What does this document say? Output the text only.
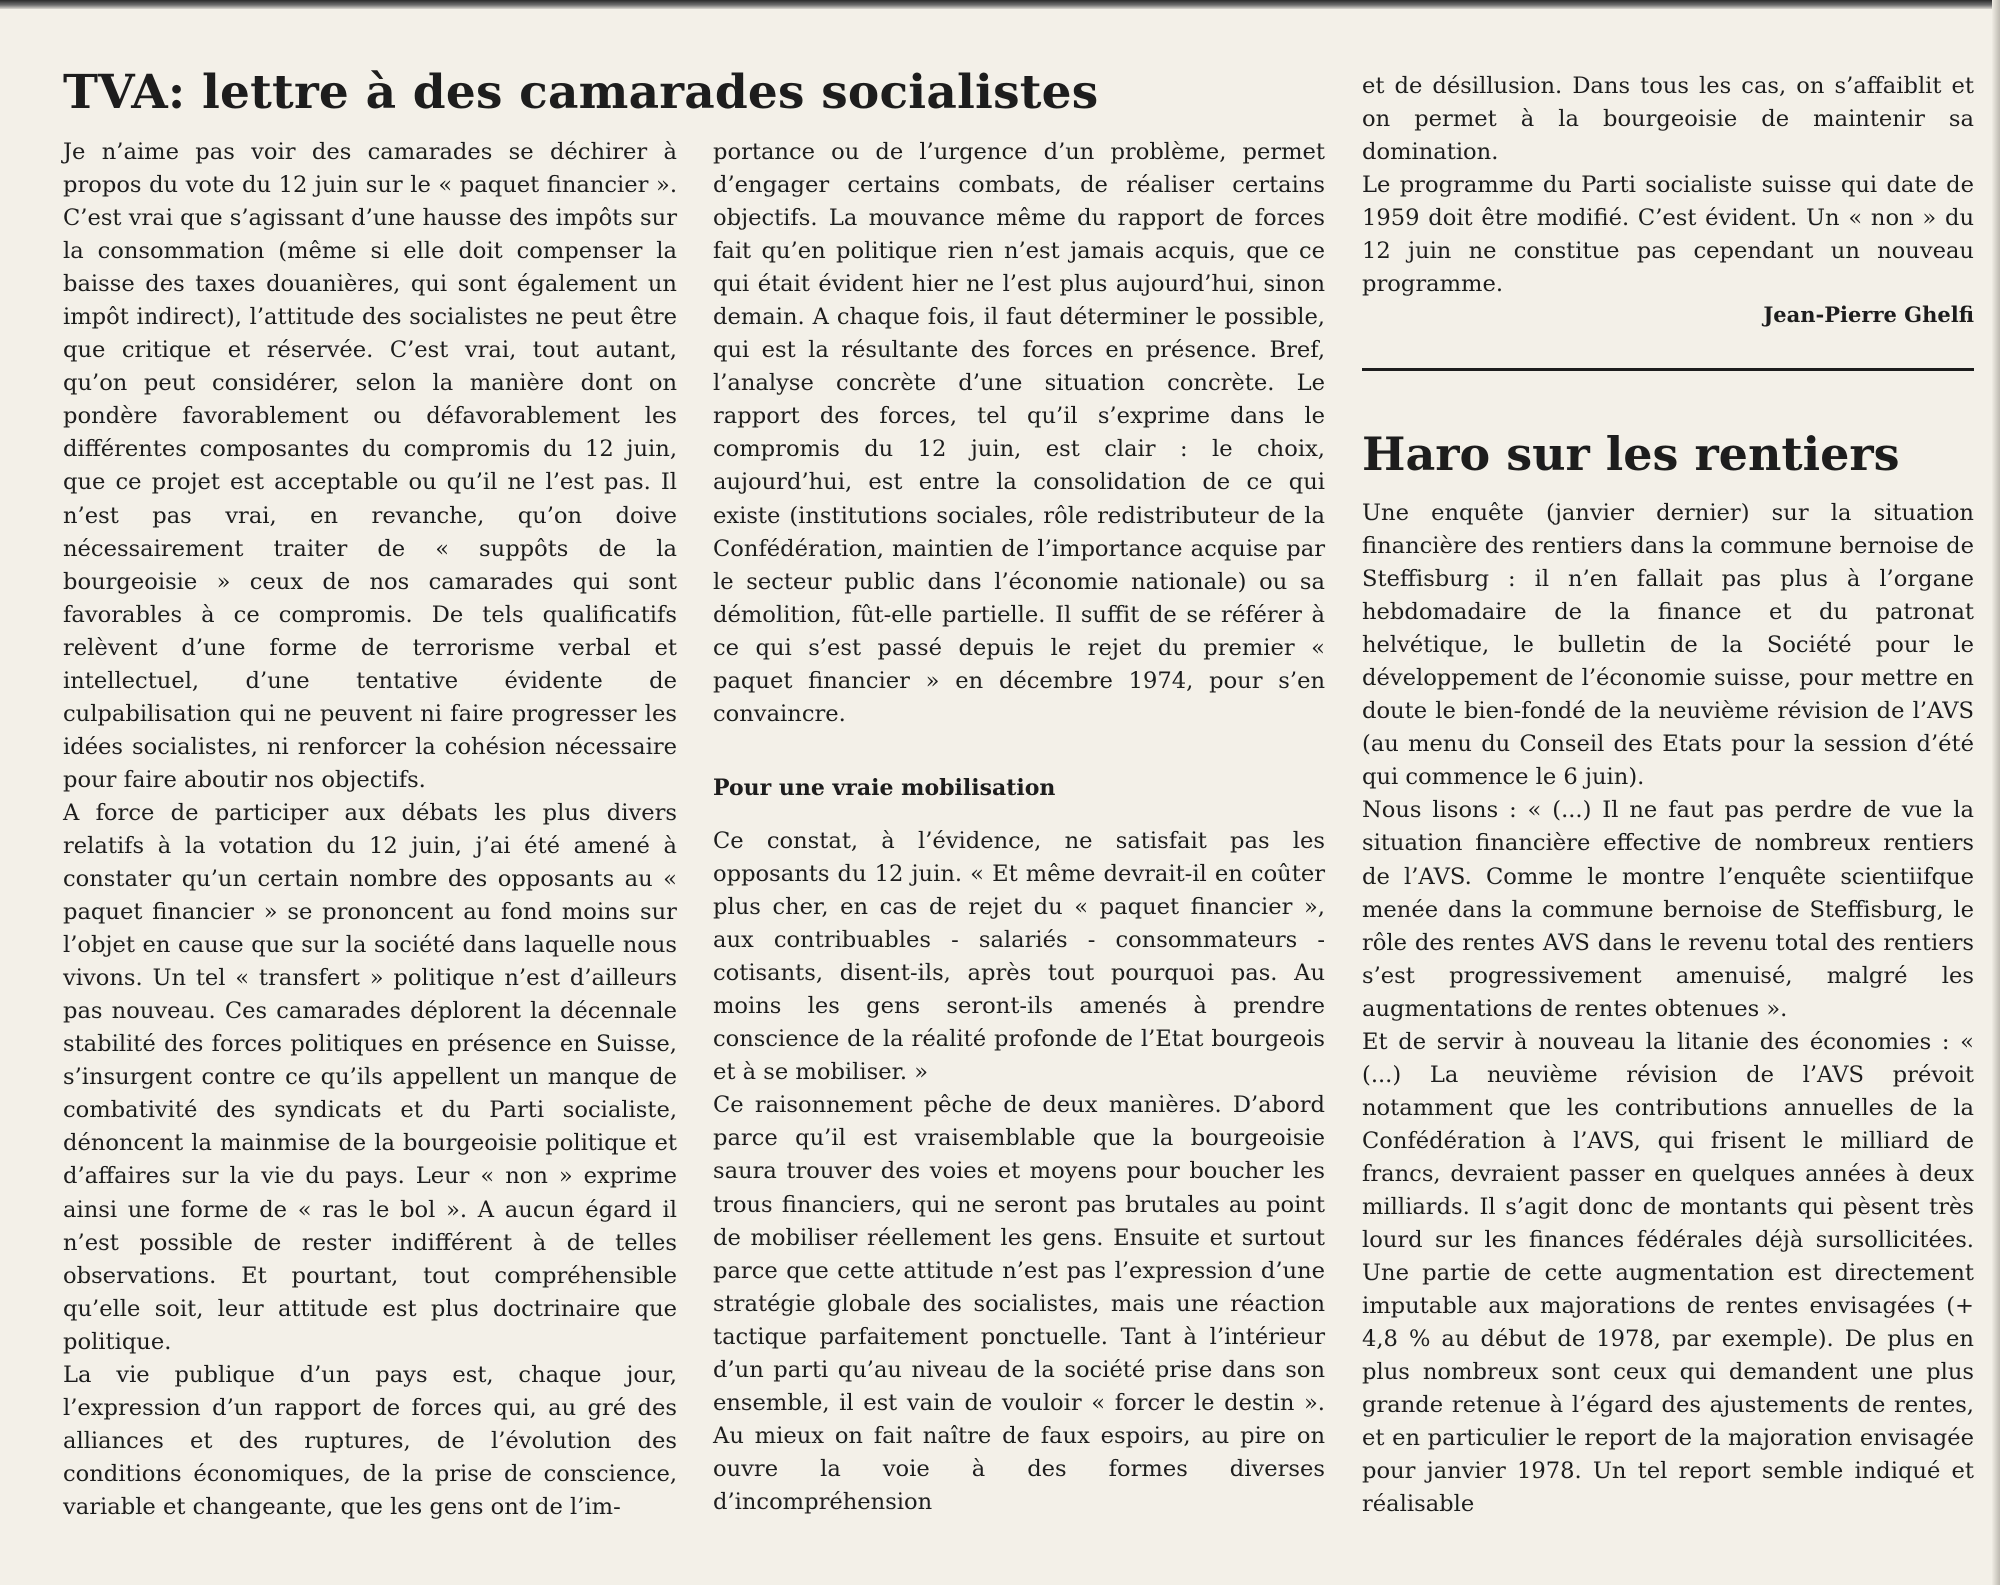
TVA: lettre à des camarades socialistes

Je n’aime pas voir des camarades se déchirer à propos du vote du 12 juin sur le « paquet financier ». C’est vrai que s’agissant d’une hausse des impôts sur la consommation (même si elle doit compenser la baisse des taxes douanières, qui sont également un impôt indirect), l’attitude des socialistes ne peut être que critique et réservée. C’est vrai, tout autant, qu’on peut considérer, selon la manière dont on pondère favorablement ou défavorablement les différentes composantes du compromis du 12 juin, que ce projet est acceptable ou qu’il ne l’est pas. Il n’est pas vrai, en revanche, qu’on doive nécessairement traiter de « suppôts de la bourgeoisie » ceux de nos camarades qui sont favorables à ce compromis. De tels qualificatifs relèvent d’une forme de terrorisme verbal et intellectuel, d’une tentative évidente de culpabilisation qui ne peuvent ni faire progresser les idées socialistes, ni renforcer la cohésion nécessaire pour faire aboutir nos objectifs.

A force de participer aux débats les plus divers relatifs à la votation du 12 juin, j’ai été amené à constater qu’un certain nombre des opposants au « paquet financier » se prononcent au fond moins sur l’objet en cause que sur la société dans laquelle nous vivons. Un tel « transfert » politique n’est d’ailleurs pas nouveau. Ces camarades déplorent la décennale stabilité des forces politiques en présence en Suisse, s’insurgent contre ce qu’ils appellent un manque de combativité des syndicats et du Parti socialiste, dénoncent la mainmise de la bourgeoisie politique et d’affaires sur la vie du pays. Leur « non » exprime ainsi une forme de « ras le bol ». A aucun égard il n’est possible de rester indifférent à de telles observations. Et pourtant, tout compréhensible qu’elle soit, leur attitude est plus doctrinaire que politique.

La vie publique d’un pays est, chaque jour, l’expression d’un rapport de forces qui, au gré des alliances et des ruptures, de l’évolution des conditions économiques, de la prise de conscience, variable et changeante, que les gens ont de l’im-

portance ou de l’urgence d’un problème, permet d’engager certains combats, de réaliser certains objectifs. La mouvance même du rapport de forces fait qu’en politique rien n’est jamais acquis, que ce qui était évident hier ne l’est plus aujourd’hui, sinon demain. A chaque fois, il faut déterminer le possible, qui est la résultante des forces en présence. Bref, l’analyse concrète d’une situation concrète. Le rapport des forces, tel qu’il s’exprime dans le compromis du 12 juin, est clair : le choix, aujourd’hui, est entre la consolidation de ce qui existe (institutions sociales, rôle redistributeur de la Confédération, maintien de l’importance acquise par le secteur public dans l’économie nationale) ou sa démolition, fût-elle partielle. Il suffit de se référer à ce qui s’est passé depuis le rejet du premier « paquet financier » en décembre 1974, pour s’en convaincre.

Pour une vraie mobilisation

Ce constat, à l’évidence, ne satisfait pas les opposants du 12 juin. « Et même devrait-il en coûter plus cher, en cas de rejet du « paquet financier », aux contribuables - salariés - consommateurs - cotisants, disent-ils, après tout pourquoi pas. Au moins les gens seront-ils amenés à prendre conscience de la réalité profonde de l’Etat bourgeois et à se mobiliser. »

Ce raisonnement pêche de deux manières. D’abord parce qu’il est vraisemblable que la bourgeoisie saura trouver des voies et moyens pour boucher les trous financiers, qui ne seront pas brutales au point de mobiliser réellement les gens. Ensuite et surtout parce que cette attitude n’est pas l’expression d’une stratégie globale des socialistes, mais une réaction tactique parfaitement ponctuelle. Tant à l’intérieur d’un parti qu’au niveau de la société prise dans son ensemble, il est vain de vouloir « forcer le destin ». Au mieux on fait naître de faux espoirs, au pire on ouvre la voie à des formes diverses d’incompréhension

et de désillusion. Dans tous les cas, on s’affaiblit et on permet à la bourgeoisie de maintenir sa domination.

Le programme du Parti socialiste suisse qui date de 1959 doit être modifié. C’est évident. Un « non » du 12 juin ne constitue pas cependant un nouveau programme.

Jean-Pierre Ghelfi
Haro sur les rentiers

Une enquête (janvier dernier) sur la situation financière des rentiers dans la commune bernoise de Steffisburg : il n’en fallait pas plus à l’organe hebdomadaire de la finance et du patronat helvétique, le bulletin de la Société pour le développement de l’économie suisse, pour mettre en doute le bien-fondé de la neuvième révision de l’AVS (au menu du Conseil des Etats pour la session d’été qui commence le 6 juin).

Nous lisons : « (...) Il ne faut pas perdre de vue la situation financière effective de nombreux rentiers de l’AVS. Comme le montre l’enquête scientiifque menée dans la commune bernoise de Steffisburg, le rôle des rentes AVS dans le revenu total des rentiers s’est progressivement amenuisé, malgré les augmentations de rentes obtenues ».

Et de servir à nouveau la litanie des économies : « (...) La neuvième révision de l’AVS prévoit notamment que les contributions annuelles de la Confédération à l’AVS, qui frisent le milliard de francs, devraient passer en quelques années à deux milliards. Il s’agit donc de montants qui pèsent très lourd sur les finances fédérales déjà sursollicitées. Une partie de cette augmentation est directement imputable aux majorations de rentes envisagées (+ 4,8 % au début de 1978, par exemple). De plus en plus nombreux sont ceux qui demandent une plus grande retenue à l’égard des ajustements de rentes, et en particulier le report de la majoration envisagée pour janvier 1978. Un tel report semble indiqué et réalisable
